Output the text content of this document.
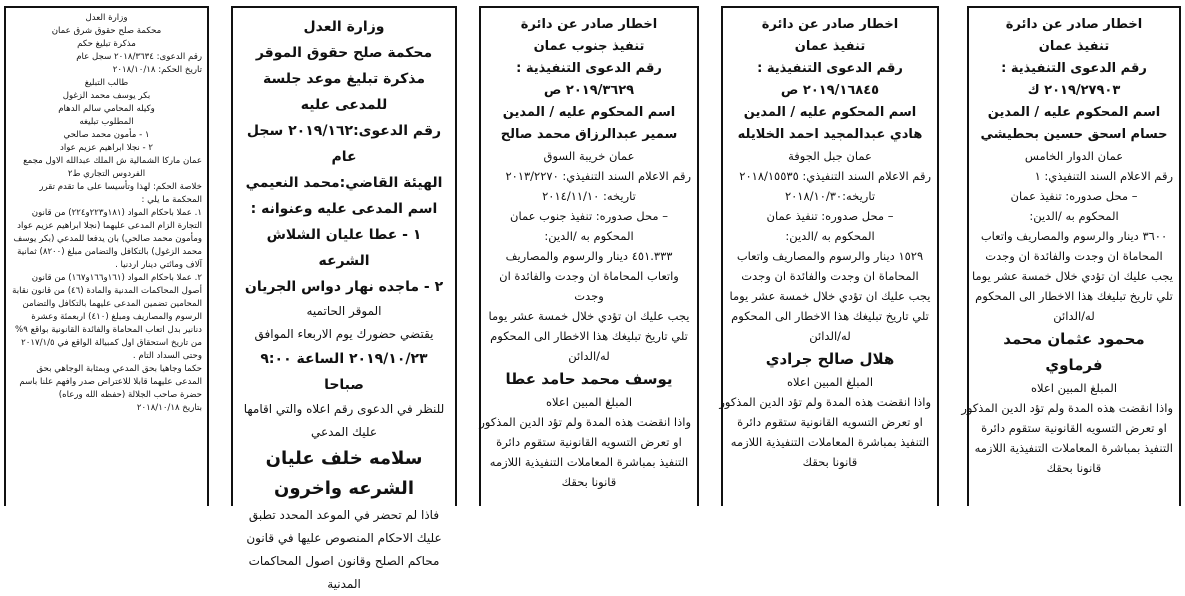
اخطار صادر عن دائرة

تنفيذ عمان

رقم الدعوى التنفيذية :

٢٠١٩/٢٧٩٠٣ ك

اسم المحكوم عليه / المدين

حسام اسحق حسين بحطيشي

عمان الدوار الخامس

رقم الاعلام السند التنفيذي: ١

– محل صدوره: تنفيذ عمان

المحكوم به /الدين:

٣٦٠٠ دينار والرسوم والمصاريف واتعاب

المحاماة ان وجدت والفائدة ان وجدت

يجب عليك ان تؤدي خلال خمسة عشر يوما

تلي تاريخ تبليغك هذا الاخطار الى المحكوم

له/الدائن

محمود عثمان محمد فرماوي

المبلغ المبين اعلاه

واذا انقضت هذه المدة ولم تؤد الدين المذكور

او تعرض التسويه القانونية ستقوم دائرة

التنفيذ بمباشرة المعاملات التنفيذية اللازمه

قانونا بحقك

اخطار صادر عن دائرة

تنفيذ عمان

رقم الدعوى التنفيذية :

٢٠١٩/١٦٨٤٥ ص

اسم المحكوم عليه / المدين

هادي عبدالمجيد احمد الخلايله

عمان جبل الجوفة

رقم الاعلام السند التنفيذي: ٢٠١٨/١٥٥٣٥

تاريخه:٢٠١٨/١٠/٣٠

– محل صدوره: تنفيذ عمان

المحكوم به /الدين:

١٥٢٩ دينار والرسوم والمصاريف واتعاب

المحاماة ان وجدت والفائدة ان وجدت

يجب عليك ان تؤدي خلال خمسة عشر يوما

تلي تاريخ تبليغك هذا الاخطار الى المحكوم

له/الدائن

هلال صالح جرادي

المبلغ المبين اعلاه

واذا انقضت هذه المدة ولم تؤد الدين المذكور

او تعرض التسويه القانونية ستقوم دائرة

التنفيذ بمباشرة المعاملات التنفيذية اللازمه

قانونا بحقك

اخطار صادر عن دائرة

تنفيذ جنوب عمان

رقم الدعوى التنفيذية :

٢٠١٩/٣٦٢٩ ص

اسم المحكوم عليه / المدين

سمير عبدالرزاق محمد صالح

عمان خريبة السوق

رقم الاعلام السند التنفيذي: ٢٠١٣/٢٢٧٠

تاريخه: ٢٠١٤/١١/١٠

– محل صدوره: تنفيذ جنوب عمان

المحكوم به /الدين:

٤٥١.٣٣٣ دينار والرسوم والمصاريف

واتعاب المحاماة ان وجدت والفائدة ان

وجدت

يجب عليك ان تؤدي خلال خمسة عشر يوما

تلي تاريخ تبليغك هذا الاخطار الى المحكوم

له/الدائن

يوسف محمد حامد عطا

المبلغ المبين اعلاه

واذا انقضت هذه المدة ولم تؤد الدين المذكور

او تعرض التسويه القانونية ستقوم دائرة

التنفيذ بمباشرة المعاملات التنفيذية اللازمه

قانونا بحقك

وزارة العدل

محكمة صلح حقوق الموقر

مذكرة تبليغ موعد جلسة للمدعى عليه

رقم الدعوى:٢٠١٩/١٦٢ سجل عام

الهيئة القاضي:محمد النعيمي

اسم المدعى عليه وعنوانه :

١ - عطا عليان الشلاش الشرعه

٢ - ماجده نهار دواس الجريان

الموقر الحاتميه

يقتضي حضورك يوم الاربعاء الموافق

٢٠١٩/١٠/٢٣ الساعة ٩:٠٠ صباحا

للنظر في الدعوى رقم اعلاه والتي اقامها

عليك المدعي

سلامه خلف عليان الشرعه واخرون

فاذا لم تحضر في الموعد المحدد تطبق

عليك الاحكام المنصوص عليها في قانون

محاكم الصلح وقانون اصول المحاكمات

المدنية

وزارة العدل

محكمة صلح حقوق شرق عمان

مذكرة تبليغ حكم

رقم الدعوى: ٢٠١٨/٣٦٣٤ سجل عام

تاريخ الحكم: ٢٠١٨/١٠/١٨

طالب التبليغ

بكر يوسف محمد الزغول

وكيله المحامي سالم الدهام

المطلوب تبليغه

١ - مأمون محمد صالحي

٢ - نجلا ابراهيم عزيم عواد

عمان ماركا الشمالية ش الملك عبدالله الاول مجمع

الفردوس التجاري ط٢

خلاصة الحكم: لهذا وتأسيسا على ما تقدم تقرر

المحكمة ما يلي :

١. عملا باحكام المواد (١٨١و٢٢٣و٢٢٤) من قانون التجارة الزام المدعى عليهما (نجلا ابراهيم عزيم عواد ومأمون محمد صالحي) بان يدفعا للمدعي (بكر يوسف محمد الزغول) بالتكافل والتضامن مبلغ (٨٢٠٠) ثمانية آلاف ومائتي دينار اردنيا .

٢. عملا باحكام المواد (١٦١و١٦٦و١٦٧) من قانون أصول المحاكمات المدنية والمادة (٤٦) من قانون نقابة المحامين تضمين المدعى عليهما بالتكافل والتضامن الرسوم والمصاريف ومبلغ (٤١٠) اربعمئة وعشرة دنانير بدل اتعاب المحاماة والفائدة القانونية بواقع ٩% من تاريخ استحقاق اول كمبيالة الواقع في ٢٠١٧/١/٥ وحتى السداد التام .

حكما وجاهيا بحق المدعي وبمثابة الوجاهي بحق المدعى عليهما قابلا للاعتراض صدر وافهم علنا باسم حضرة صاحب الجلالة (حفظه الله ورعاه)

بتاريخ ٢٠١٨/١٠/١٨
